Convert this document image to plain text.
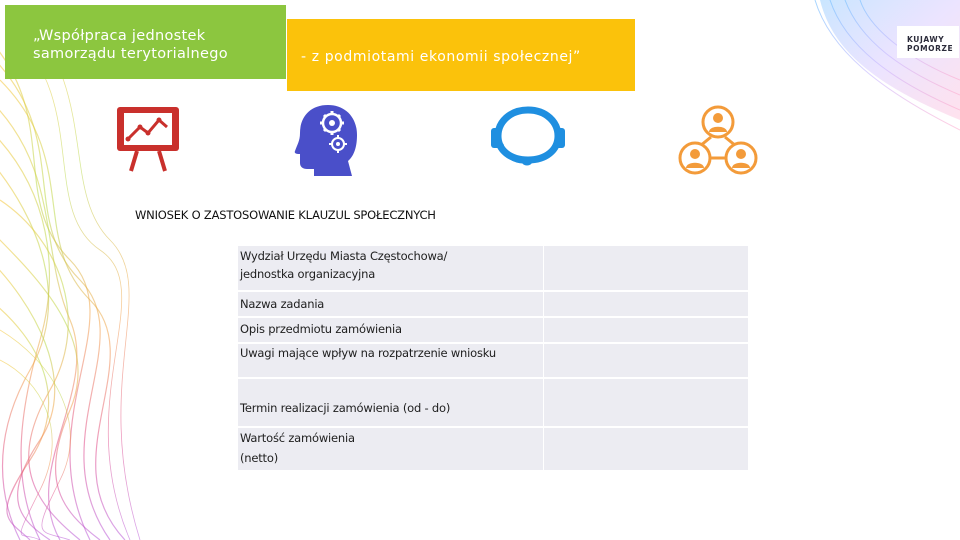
„Współpraca jednostek
samorządu terytorialnego	- z podmiotami ekonomii społecznej”
KUJAWY
POMORZE
WNIOSEK O ZASTOSOWANIE KLAUZUL SPOŁECZNYCH
Wydział Urzędu Miasta Częstochowa/
jednostka organizacyjna
Nazwa zadania
Opis przedmiotu zamówienia
Uwagi mające wpływ na rozpatrzenie wniosku
Termin realizacji zamówienia (od - do)
Wartość zamówienia
(netto)
